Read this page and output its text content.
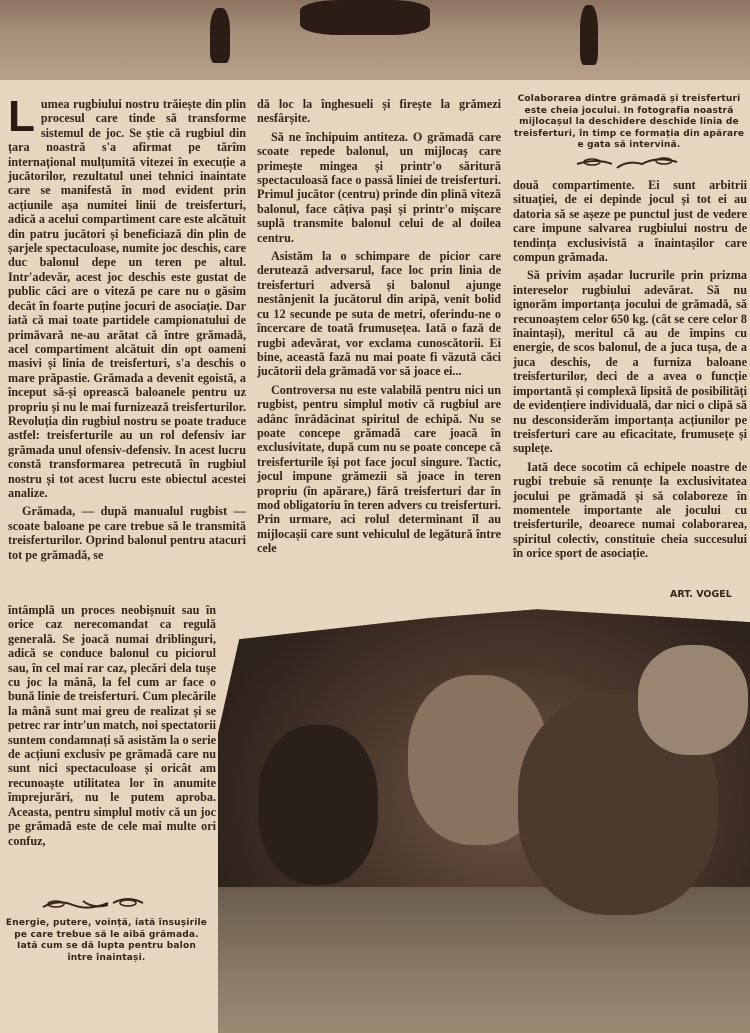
Lumea rugbiului nostru trăiește din plin procesul care tinde să transforme sistemul de joc. Se știe că rugbiul din țara noastră s'a afirmat pe tărîm internațional mulțumită vitezei în execuție a jucătorilor, rezultatul unei tehnici inaintate care se manifestă în mod evident prin acțiunile așa numitei linii de treisferturi, adică a acelui compartiment care este alcătuit din patru jucători și beneficiază din plin de șarjele spectaculoase, numite joc deschis, care duc balonul depe un teren pe altul. Intr'adevăr, acest joc deschis este gustat de public căci are o viteză pe care nu o găsim decât în foarte puține jocuri de asociație. Dar iată că mai toate partidele campionatului de primăvară ne-au arătat că între grămadă, acel compartiment alcătuit din opt oameni masivi și linia de treisferturi, s'a deschis o mare prăpastie. Grămada a devenit egoistă, a început să-și oprească baloanele pentru uz propriu și nu le mai furnizează treisferturilor. Revoluția din rugbiul nostru se poate traduce astfel: treisferturile au un rol defensiv iar grămada unul ofensiv-defensiv. In acest lucru constă transformarea petrecută în rugbiul nostru și tot acest lucru este obiectul acestei analize.

Grămada, — după manualul rugbist — scoate baloane pe care trebue să le transmită treisferturilor. Oprind balonul pentru atacuri tot pe grămadă, se

întâmplă un proces neobișnuit sau în orice caz nerecomandat ca regulă generală. Se joacă numai driblinguri, adică se conduce balonul cu piciorul sau, în cel mai rar caz, plecări dela tușe cu joc la mână, la fel cum ar face o bună linie de treisferturi. Cum plecările la mână sunt mai greu de realizat și se petrec rar intr'un match, noi spectatorii suntem condamnați să asistăm la o serie de acțiuni exclusiv pe grămadă care nu sunt nici spectaculoase și oricât am recunoaște utilitatea lor în anumite împrejurări, nu le putem aproba. Aceasta, pentru simplul motiv că un joc pe grămadă este de cele mai multe ori confuz,

Energie, putere, voință, iată însușirile pe care trebue să le aibă grămada. Iată cum se dă lupta pentru balon între înaintași.

dă loc la înghesueli și firește la grămezi nesfârșite.

Să ne închipuim antiteza. O grămadă care scoate repede balonul, un mijlocaș care primește mingea și printr'o săritură spectaculoasă face o passă liniei de treisferturi. Primul jucător (centru) prinde din plină viteză balonul, face câțiva pași și printr'o mișcare suplă transmite balonul celui de al doilea centru.

Asistăm la o schimpare de picior care derutează adversarul, face loc prin linia de treisferturi adversă și balonul ajunge nestânjenit la jucătorul din aripă, venit bolid cu 12 secunde pe suta de metri, oferindu-ne o încercare de toată frumusețea. Iată o fază de rugbi adevărat, vor exclama cunoscătorii. Ei bine, această fază nu mai poate fi văzută căci jucătorii dela grămadă vor să joace ei...

Controversa nu este valabilă pentru nici un rugbist, pentru simplul motiv că rugbiul are adânc înrădăcinat spiritul de echipă. Nu se poate concepe grămadă care joacă în exclusivitate, după cum nu se poate concepe că treisferturile își pot face jocul singure. Tactic, jocul impune grămezii să joace in teren propriu (în apărare,) fără treisferturi dar în mod obligatoriu în teren advers cu treisferturi. Prin urmare, aci rolul determinant îl au mijlocașii care sunt vehiculul de legătură între cele

Colaborarea dintre grămadă și treisferturi este cheia jocului. In fotografia noastră mijlocașul la deschidere deschide linia de treisferturi, în timp ce formația din apărare e gata să intervină.

două compartimente. Ei sunt arbitrii situației, de ei depinde jocul și tot ei au datoria să se așeze pe punctul just de vedere care impune salvarea rugbiului nostru de tendința exclusivistă a înaintașilor care compun grămada.

Să privim așadar lucrurile prin prizma intereselor rugbiului adevărat. Să nu ignorăm importanța jocului de grămadă, să recunoaștem celor 650 kg. (cât se cere celor 8 înaintași), meritul că au de împins cu energie, de scos balonul, de a juca tușa, de a juca deschis, de a furniza baloane treisferturilor, deci de a avea o funcție importantă și complexă lipsită de posibilități de evidențiere individuală, dar nici o clipă să nu desconsiderăm importanța acțiunilor pe treisferturi care au eficacitate, frumusețe și suplețe.

Iată dece socotim că echipele noastre de rugbi trebuie să renunțe la exclusivitatea jocului pe grămadă și să colaboreze în momentele importante ale jocului cu treisferturile, deoarece numai colaborarea, spiritul colectiv, constituie cheia succesului în orice sport de asociație.

ART. VOGEL
